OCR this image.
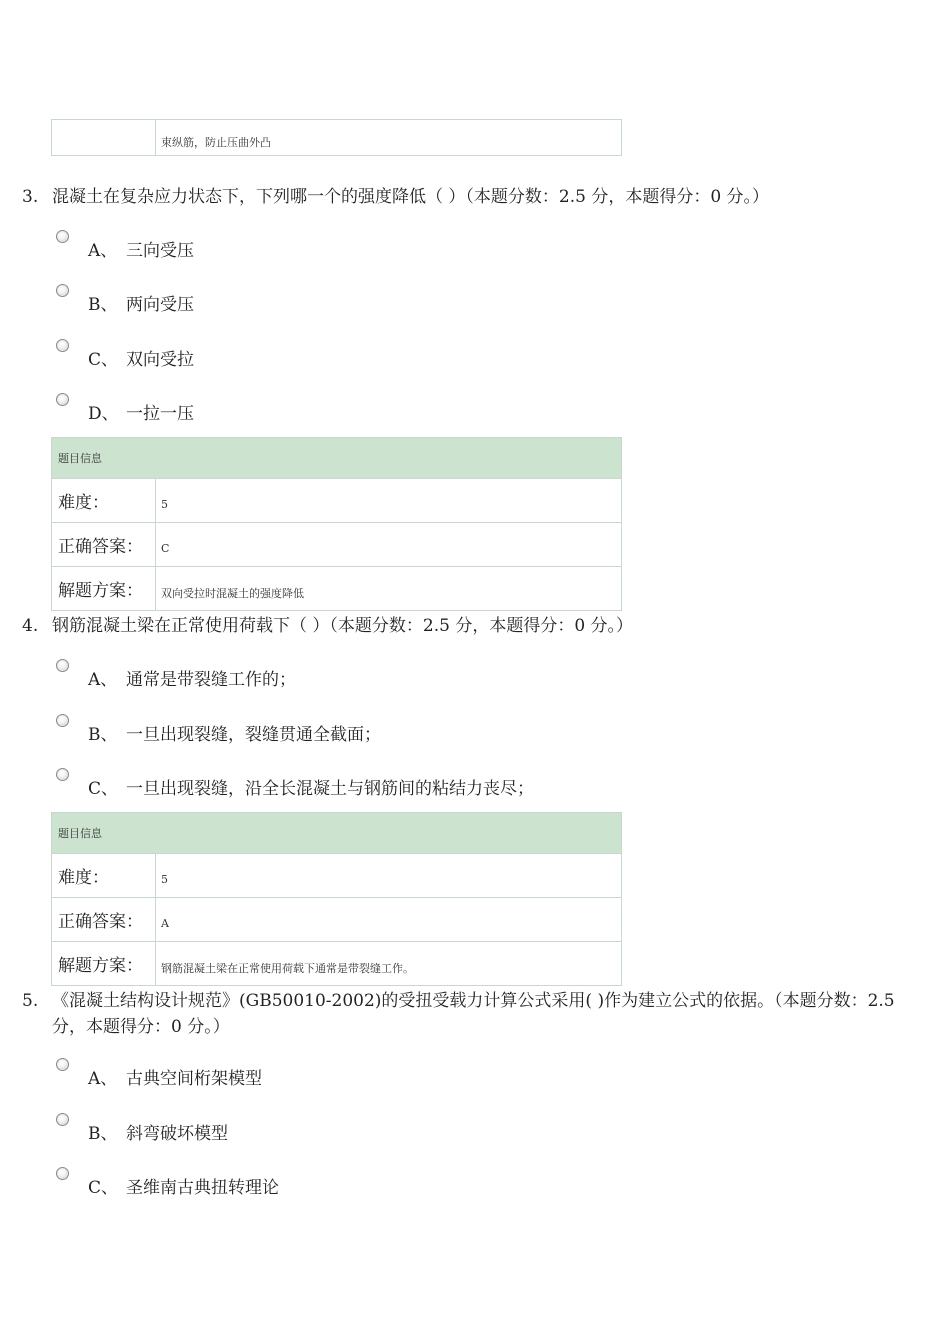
	束纵筋，防止压曲外凸
3. 混凝土在复杂应力状态下，下列哪一个的强度降低（ ）（本题分数：2.5 分，本题得分：0 分。）
A、 三向受压
B、 两向受压
C、 双向受拉
D、 一拉一压
题目信息	
难度：	5
正确答案：	C
解题方案：	双向受拉时混凝土的强度降低
4. 钢筋混凝土梁在正常使用荷载下（ ）（本题分数：2.5 分，本题得分：0 分。）
A、 通常是带裂缝工作的；
B、 一旦出现裂缝，裂缝贯通全截面；
C、 一旦出现裂缝，沿全长混凝土与钢筋间的粘结力丧尽；
题目信息	
难度：	5
正确答案：	A
解题方案：	钢筋混凝土梁在正常使用荷载下通常是带裂缝工作。
5. 《混凝土结构设计规范》(GB50010-2002)的受扭受载力计算公式采用( )作为建立公式的依据。（本题分数：2.5 分，本题得分：0 分。）
A、 古典空间桁架模型
B、 斜弯破坏模型
C、 圣维南古典扭转理论
